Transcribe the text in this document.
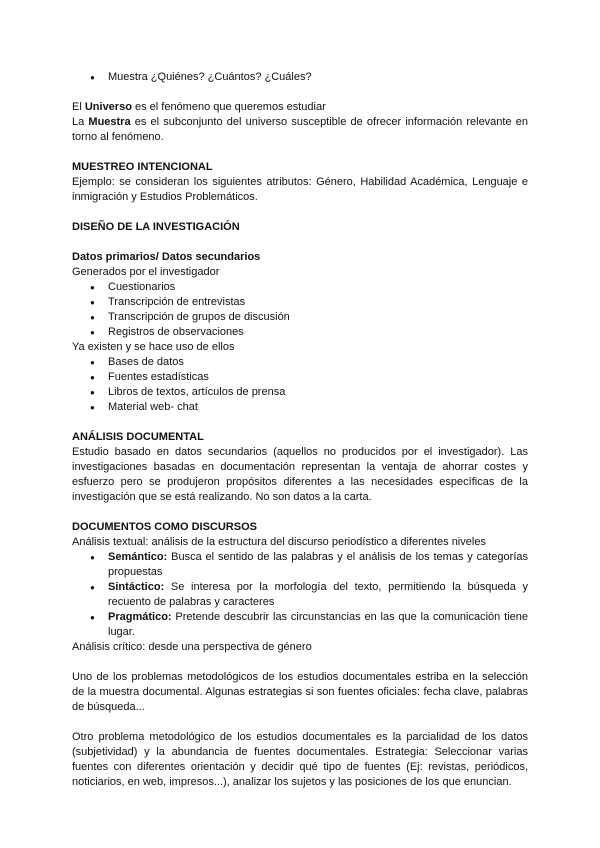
● Muestra ¿Quiénes? ¿Cuántos? ¿Cuáles?

El Universo es el fenómeno que queremos estudiar

La Muestra es el subconjunto del universo susceptible de ofrecer información relevante en torno al fenómeno.

MUESTREO INTENCIONAL

Ejemplo: se consideran los siguientes atributos: Género, Habilidad Académica, Lenguaje e inmigración y Estudios Problemáticos.

DISEÑO DE LA INVESTIGACIÓN

Datos primarios/ Datos secundarios

Generados por el investigador

● Cuestionarios
● Transcripción de entrevistas
● Transcripción de grupos de discusión
● Registros de observaciones

Ya existen y se hace uso de ellos

● Bases de datos
● Fuentes estadísticas
● Libros de textos, artículos de prensa
● Material web- chat

ANÁLISIS DOCUMENTAL

Estudio basado en datos secundarios (aquellos no producidos por el investigador). Las investigaciones basadas en documentación representan la ventaja de ahorrar costes y esfuerzo pero se produjeron propósitos diferentes a las necesidades específicas de la investigación que se está realizando. No son datos a la carta.

DOCUMENTOS COMO DISCURSOS

Análisis textual: análisis de la estructura del discurso periodístico a diferentes niveles

● Semántico: Busca el sentido de las palabras y el análisis de los temas y categorías propuestas
● Sintáctico: Se interesa por la morfología del texto, permitiendo la búsqueda y recuento de palabras y caracteres
● Pragmático: Pretende descubrir las circunstancias en las que la comunicación tiene lugar.

Análisis crítico: desde una perspectiva de género

Uno de los problemas metodológicos de los estudios documentales estriba en la selección de la muestra documental. Algunas estrategias si son fuentes oficiales: fecha clave, palabras de búsqueda...

Otro problema metodológico de los estudios documentales es la parcialidad de los datos (subjetividad) y la abundancia de fuentes documentales. Estrategia: Seleccionar varias fuentes con diferentes orientación y decidir qué tipo de fuentes (Ej: revistas, periódicos, noticiarios, en web, impresos...), analizar los sujetos y las posiciones de los que enuncian.
